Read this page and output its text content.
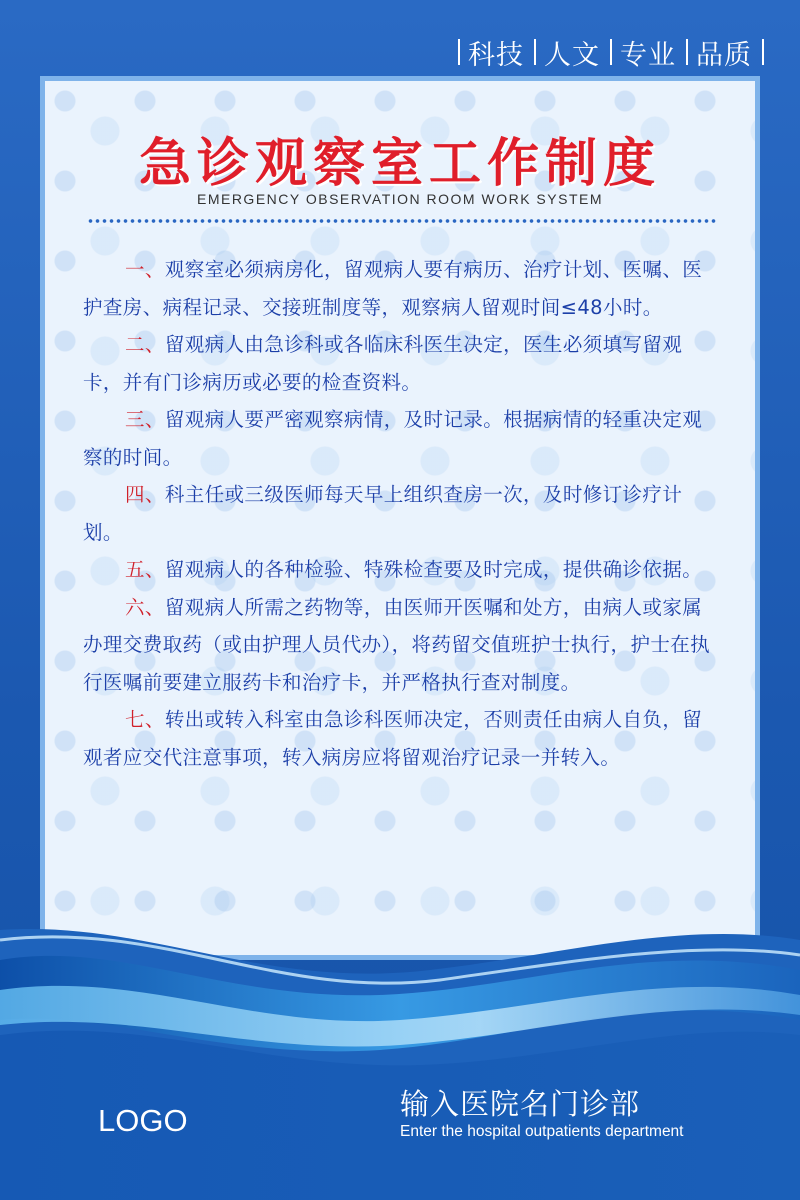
科技 人文 专业 品质
急诊观察室工作制度
EMERGENCY OBSERVATION ROOM WORK SYSTEM

一、观察室必须病房化，留观病人要有病历、治疗计划、医嘱、医护查房、病程记录、交接班制度等，观察病人留观时间≤48小时。

二、留观病人由急诊科或各临床科医生决定，医生必须填写留观卡，并有门诊病历或必要的检查资料。

三、留观病人要严密观察病情，及时记录。根据病情的轻重决定观察的时间。

四、科主任或三级医师每天早上组织查房一次，及时修订诊疗计划。

五、留观病人的各种检验、特殊检查要及时完成，提供确诊依据。

六、留观病人所需之药物等，由医师开医嘱和处方，由病人或家属办理交费取药（或由护理人员代办），将药留交值班护士执行，护士在执行医嘱前要建立服药卡和治疗卡，并严格执行查对制度。

七、转出或转入科室由急诊科医师决定，否则责任由病人自负，留观者应交代注意事项，转入病房应将留观治疗记录一并转入。

LOGO	输入医院名门诊部
Enter the hospital outpatients department
